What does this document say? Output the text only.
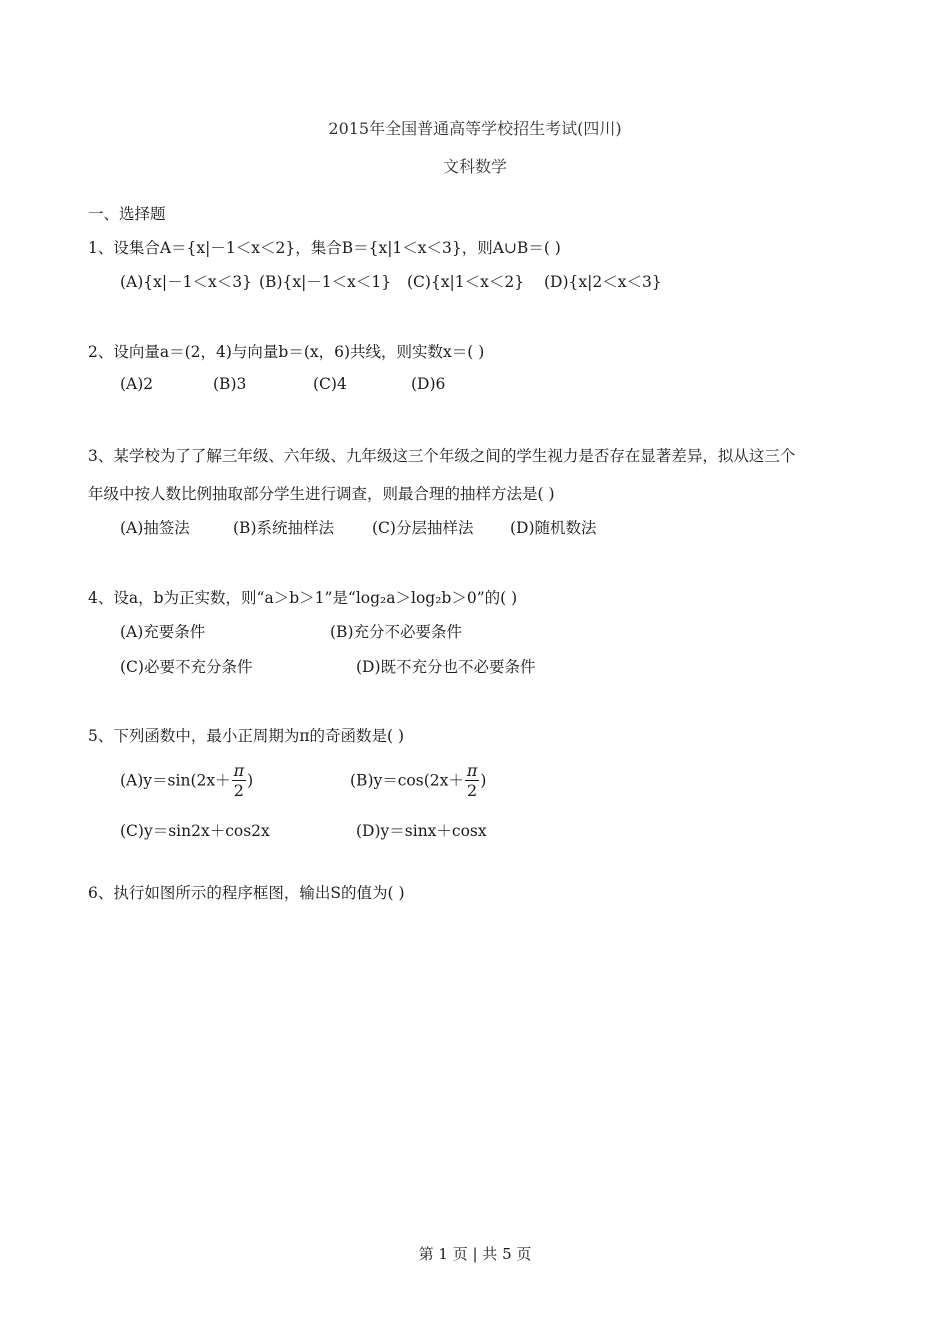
2015年全国普通高等学校招生考试(四川)
文科数学
一、选择题
1、设集合A＝{x|－1＜x＜2}，集合B＝{x|1＜x＜3}，则A∪B＝( )
(A){x|－1＜x＜3} (B){x|－1＜x＜1} (C){x|1＜x＜2} (D){x|2＜x＜3}
2、设向量a＝(2，4)与向量b＝(x，6)共线，则实数x＝( )
(A)2	(B)3	(C)4	(D)6
3、某学校为了了解三年级、六年级、九年级这三个年级之间的学生视力是否存在显著差异，拟从这三个
年级中按人数比例抽取部分学生进行调查，则最合理的抽样方法是( )
(A)抽签法	(B)系统抽样法 (C)分层抽样法 (D)随机数法
4、设a，b为正实数，则“a＞b＞1”是“log₂a＞log₂b＞0”的( )
(A)充要条件	(B)充分不必要条件
(C)必要不充分条件	(D)既不充分也不必要条件
5、下列函数中，最小正周期为π的奇函数是( )
$(A)y=\sin(2x+ \frac{\pi}{2}$ )	$(B)y=\cos(2x+ \frac{\pi}{2}$ )
(C)y＝sin2x＋cos2x	(D)y＝sinx＋cosx
6、执行如图所示的程序框图，输出S的值为( )
第 1 页 | 共 5 页
